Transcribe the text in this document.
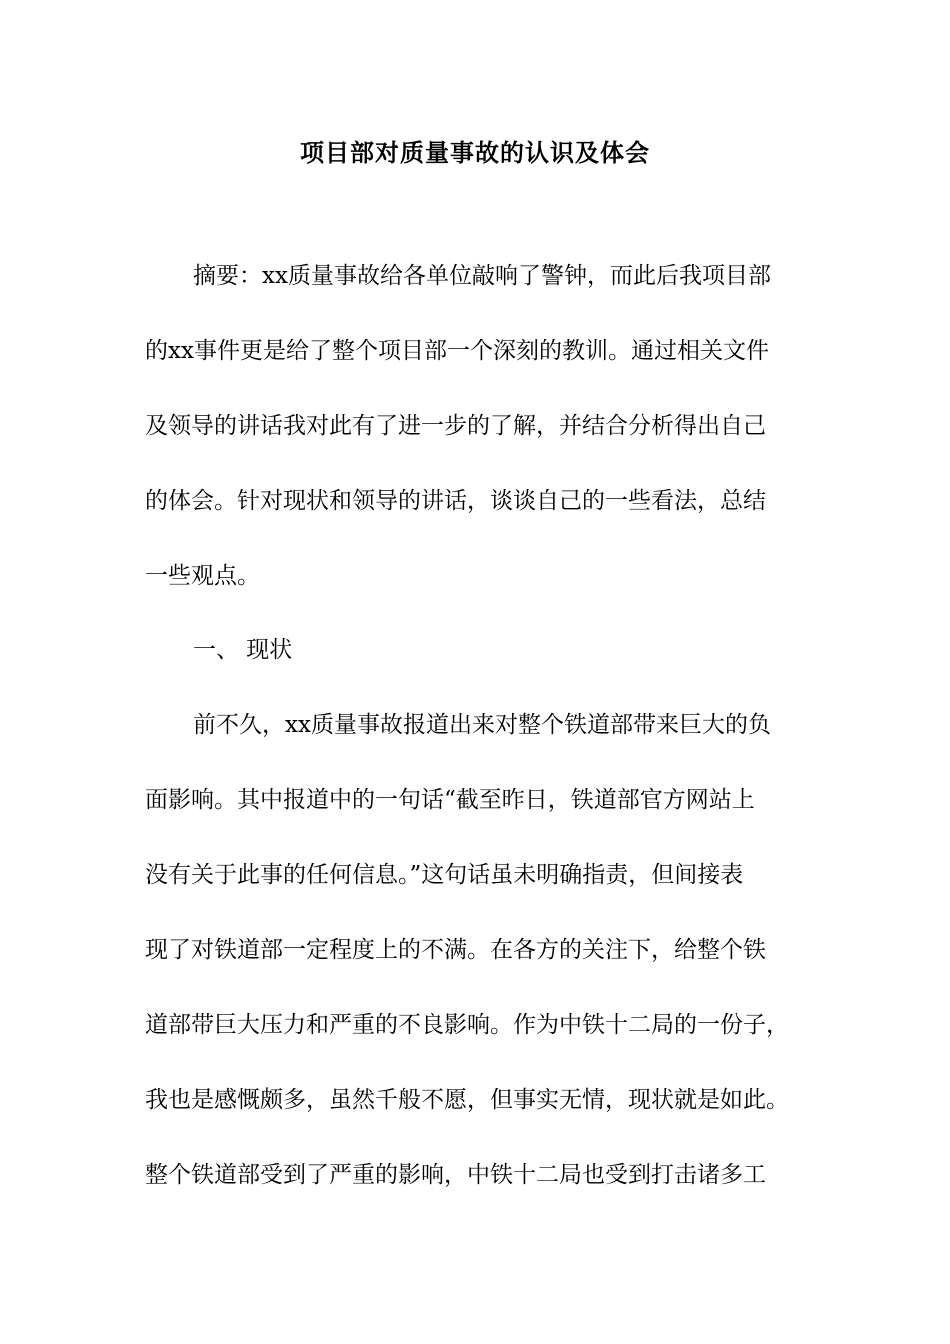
项目部对质量事故的认识及体会
摘要：xx质量事故给各单位敲响了警钟，而此后我项目部
的xx事件更是给了整个项目部一个深刻的教训。通过相关文件
及领导的讲话我对此有了进一步的了解，并结合分析得出自己
的体会。针对现状和领导的讲话，谈谈自己的一些看法，总结
一些观点。
一、 现状
前不久，xx质量事故报道出来对整个铁道部带来巨大的负
面影响。其中报道中的一句话“截至昨日，铁道部官方网站上
没有关于此事的任何信息。”这句话虽未明确指责，但间接表
现了对铁道部一定程度上的不满。在各方的关注下，给整个铁
道部带巨大压力和严重的不良影响。作为中铁十二局的一份子，
我也是感慨颇多，虽然千般不愿，但事实无情，现状就是如此。
整个铁道部受到了严重的影响，中铁十二局也受到打击诸多工
